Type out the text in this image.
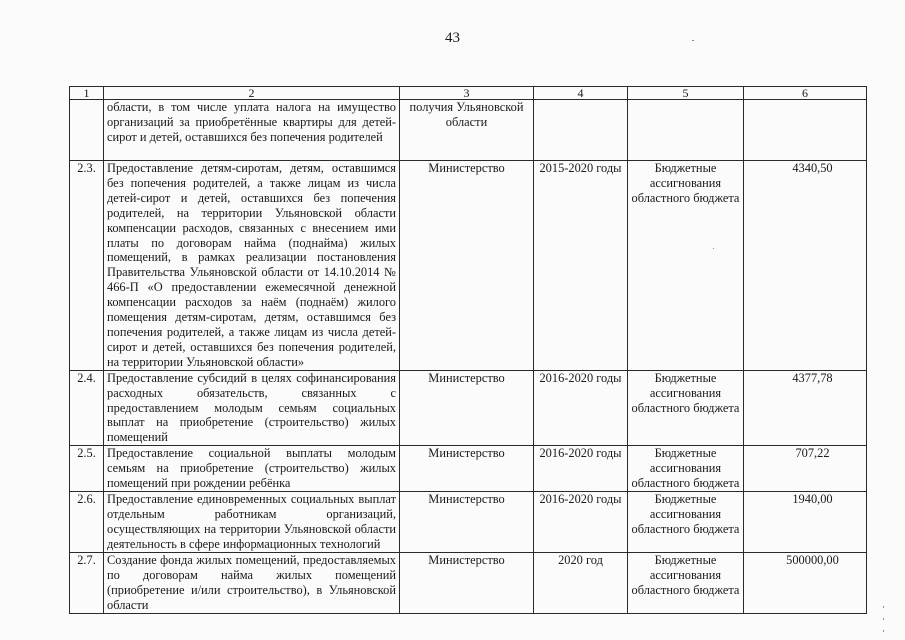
43
1	2	3	4	5	6
	области, в том числе уплата налога на имущество организаций за приобретённые квартиры для детей-сирот и детей, оставшихся без попечения родителей	получия Ульяновской области			
2.3.	Предоставление детям-сиротам, детям, оставшимся без попечения родителей, а также лицам из числа детей-сирот и детей, оставшихся без попечения родителей, на территории Ульяновской области компенсации расходов, связанных с внесением ими платы по договорам найма (поднайма) жилых помещений, в рамках реализации постановления Правительства Ульяновской области от 14.10.2014 № 466-П «О предоставлении ежемесячной денежной компенсации расходов за наём (поднаём) жилого помещения детям-сиротам, детям, оставшимся без попечения родителей, а также лицам из числа детей-сирот и детей, оставшихся без попечения родителей, на территории Ульяновской области»	Министерство	2015-2020 годы	Бюджетные ассигнования областного бюджета	4340,50
2.4.	Предоставление субсидий в целях софинансирования расходных обязательств, связанных с предоставлением молодым семьям социальных выплат на приобретение (строительство) жилых помещений	Министерство	2016-2020 годы	Бюджетные ассигнования областного бюджета	4377,78
2.5.	Предоставление социальной выплаты молодым семьям на приобретение (строительство) жилых помещений при рождении ребёнка	Министерство	2016-2020 годы	Бюджетные ассигнования областного бюджета	707,22
2.6.	Предоставление единовременных социальных выплат отдельным работникам организаций, осуществляющих на территории Ульяновской области деятельность в сфере информационных технологий	Министерство	2016-2020 годы	Бюджетные ассигнования областного бюджета	1940,00
2.7.	Создание фонда жилых помещений, предоставляемых по договорам найма жилых помещений (приобретение и/или строительство), в Ульяновской области	Министерство	2020 год	Бюджетные ассигнования областного бюджета	500000,00
